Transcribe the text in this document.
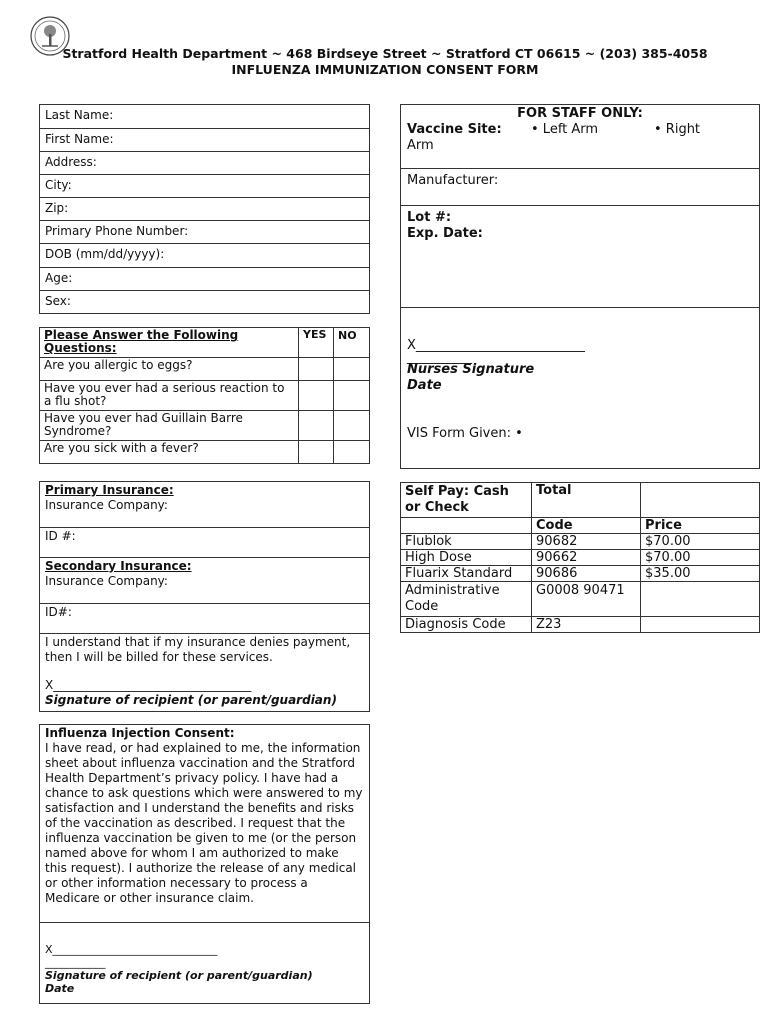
Stratford Health Department ~ 468 Birdseye Street ~ Stratford CT 06615 ~ (203) 385-4058
INFLUENZA IMMUNIZATION CONSENT FORM
Last Name:
First Name:
Address:
City:
Zip:
Primary Phone Number:
DOB (mm/dd/yyyy):
Age:
Sex:
Please Answer the Following Questions:	YES	NO
Are you allergic to eggs?		
Have you ever had a serious reaction to a flu shot?		
Have you ever had Guillain Barre Syndrome?		
Are you sick with a fever?		
Primary Insurance:
Insurance Company:
ID #:
Secondary Insurance:
Insurance Company:
ID#:
I understand that if my insurance denies payment, then I will be billed for these services.
X_________________________________
Signature of recipient (or parent/guardian)
Influenza Injection Consent:
I have read, or had explained to me, the information sheet about influenza vaccination and the Stratford Health Department’s privacy policy. I have had a chance to ask questions which were answered to my satisfaction and I understand the benefits and risks of the vaccination as described. I request that the influenza vaccination be given to me (or the person named above for whom I am authorized to make this request). I authorize the release of any medical or other information necessary to process a Medicare or other insurance claim.
X______________________________
___________
Signature of recipient (or parent/guardian)
Date
FOR STAFF ONLY:
Vaccine Site: • Left Arm	• Right
Arm
Manufacturer:
Lot #:
Exp. Date:
X__________________________
__________
Nurses Signature
Date
VIS Form Given: •
Self Pay: Cash or Check	Total	
	Code	Price
Flublok	90682	$70.00
High Dose	90662	$70.00
Fluarix Standard	90686	$35.00
Administrative Code	G0008 90471	
Diagnosis Code	Z23	
